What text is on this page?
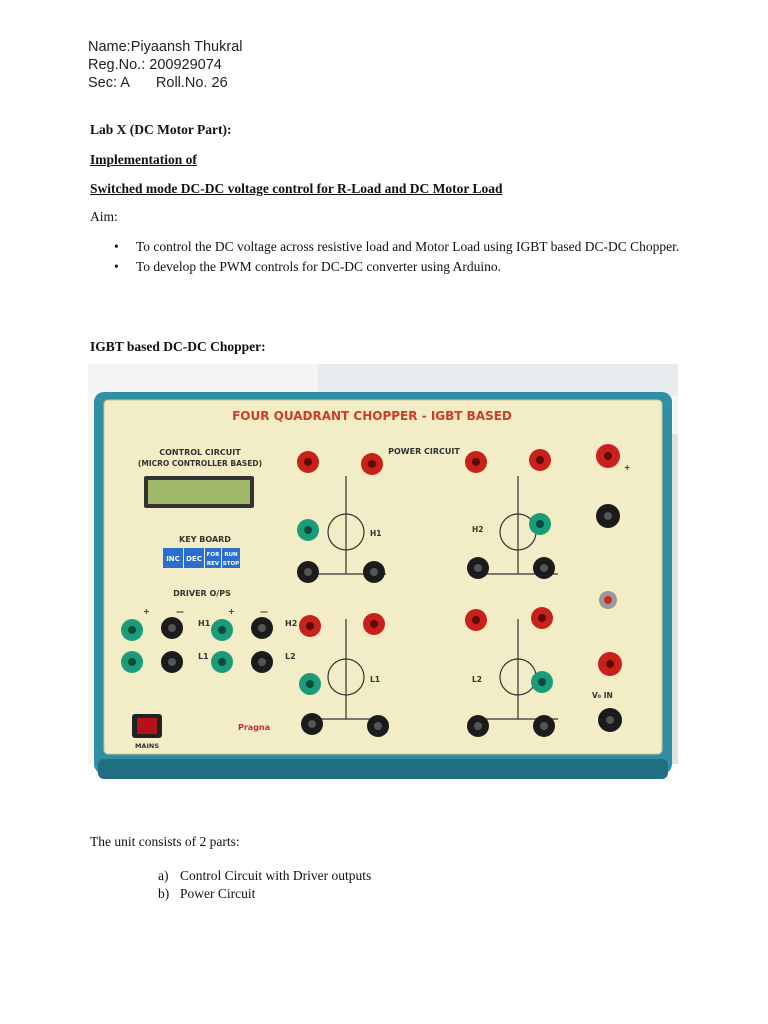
Name:Piyaansh Thukral
Reg.No.: 200929074
Sec: A Roll.No. 26
Lab X (DC Motor Part):
Implementation of
Switched mode DC-DC voltage control for R-Load and DC Motor Load
Aim:
• To control the DC voltage across resistive load and Motor Load using IGBT based DC-DC Chopper.
• To develop the PWM controls for DC-DC converter using Arduino.
IGBT based DC-DC Chopper:
FOUR QUADRANT CHOPPER - IGBT BASED
CONTROL CIRCUIT
(MICRO CONTROLLER BASED)
KEY BOARD
INC DEC FOR
REV
RUN
STOP
DRIVER O/PS
+	—	+	—
H1
L1
H2
L2
MAINS
Pragna
POWER CIRCUIT
H1
L1
H2
L2
V₀ IN
+
The unit consists of 2 parts:
a) Control Circuit with Driver outputs
b) Power Circuit
